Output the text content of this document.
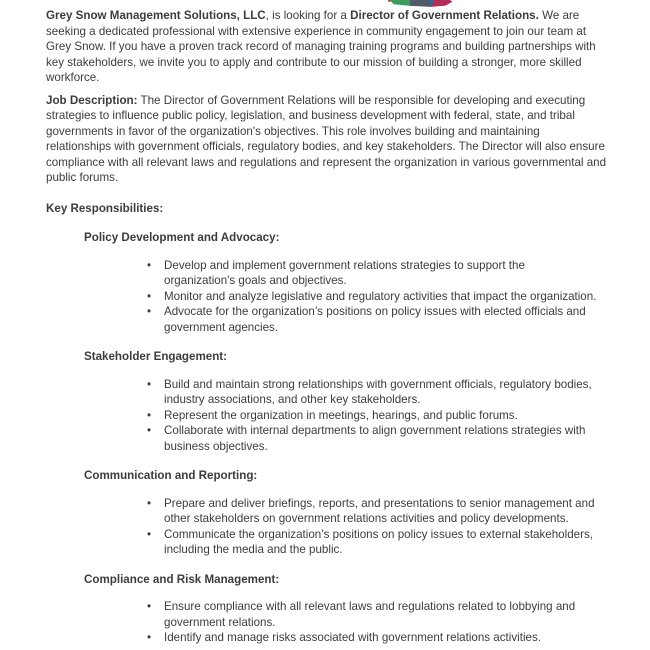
Grey Snow Management Solutions, LLC, is looking for a Director of Government Relations. We are seeking a dedicated professional with extensive experience in community engagement to join our team at Grey Snow. If you have a proven track record of managing training programs and building partnerships with key stakeholders, we invite you to apply and contribute to our mission of building a stronger, more skilled workforce.

Job Description: The Director of Government Relations will be responsible for developing and executing strategies to influence public policy, legislation, and business development with federal, state, and tribal governments in favor of the organization's objectives. This role involves building and maintaining relationships with government officials, regulatory bodies, and key stakeholders. The Director will also ensure compliance with all relevant laws and regulations and represent the organization in various governmental and public forums.

Key Responsibilities:

Policy Development and Advocacy:

• Develop and implement government relations strategies to support the organization's goals and objectives.
• Monitor and analyze legislative and regulatory activities that impact the organization.
• Advocate for the organization’s positions on policy issues with elected officials and government agencies.

Stakeholder Engagement:

• Build and maintain strong relationships with government officials, regulatory bodies, industry associations, and other key stakeholders.
• Represent the organization in meetings, hearings, and public forums.
• Collaborate with internal departments to align government relations strategies with business objectives.

Communication and Reporting:

• Prepare and deliver briefings, reports, and presentations to senior management and other stakeholders on government relations activities and policy developments.
• Communicate the organization’s positions on policy issues to external stakeholders, including the media and the public.

Compliance and Risk Management:

• Ensure compliance with all relevant laws and regulations related to lobbying and government relations.
• Identify and manage risks associated with government relations activities.
